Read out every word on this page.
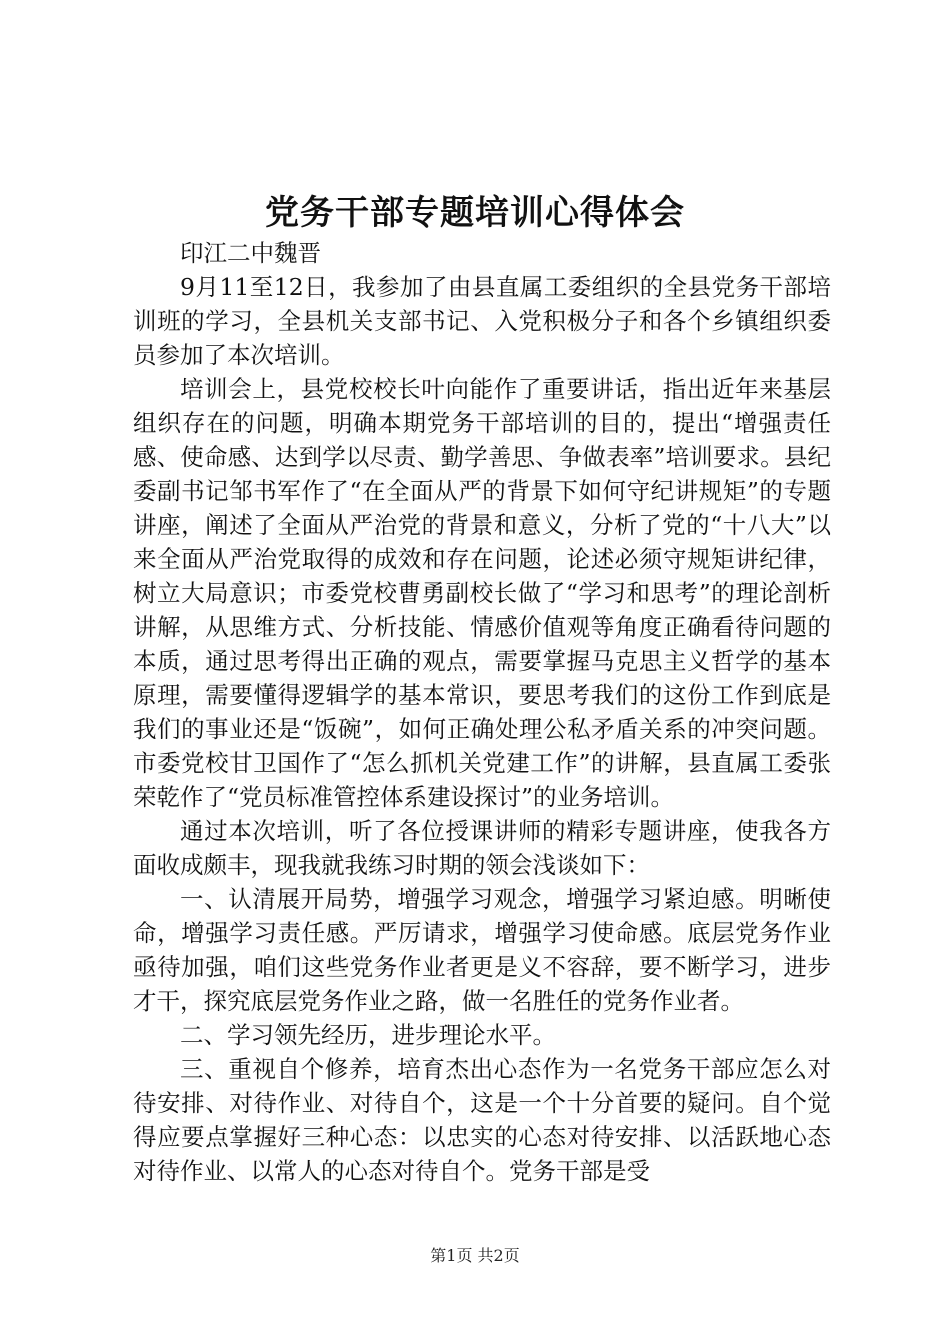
党务干部专题培训心得体会

印江二中魏晋

9月11至12日，我参加了由县直属工委组织的全县党务干部培训班的学习，全县机关支部书记、入党积极分子和各个乡镇组织委员参加了本次培训。

培训会上，县党校校长叶向能作了重要讲话，指出近年来基层组织存在的问题，明确本期党务干部培训的目的，提出“增强责任感、使命感、达到学以尽责、勤学善思、争做表率”培训要求。县纪委副书记邹书军作了“在全面从严的背景下如何守纪讲规矩”的专题讲座，阐述了全面从严治党的背景和意义，分析了党的“十八大”以来全面从严治党取得的成效和存在问题，论述必须守规矩讲纪律，树立大局意识；市委党校曹勇副校长做了“学习和思考”的理论剖析讲解，从思维方式、分析技能、情感价值观等角度正确看待问题的本质，通过思考得出正确的观点，需要掌握马克思主义哲学的基本原理，需要懂得逻辑学的基本常识，要思考我们的这份工作到底是我们的事业还是“饭碗”，如何正确处理公私矛盾关系的冲突问题。市委党校甘卫国作了“怎么抓机关党建工作”的讲解，县直属工委张荣乾作了“党员标准管控体系建设探讨”的业务培训。

通过本次培训，听了各位授课讲师的精彩专题讲座，使我各方面收成颇丰，现我就我练习时期的领会浅谈如下：

一、认清展开局势，增强学习观念，增强学习紧迫感。明晰使命，增强学习责任感。严厉请求，增强学习使命感。底层党务作业亟待加强，咱们这些党务作业者更是义不容辞，要不断学习，进步才干，探究底层党务作业之路，做一名胜任的党务作业者。

二、学习领先经历，进步理论水平。

三、重视自个修养，培育杰出心态作为一名党务干部应怎么对待安排、对待作业、对待自个，这是一个十分首要的疑问。自个觉得应要点掌握好三种心态：以忠实的心态对待安排、以活跃地心态对待作业、以常人的心态对待自个。党务干部是受

第1页 共2页
